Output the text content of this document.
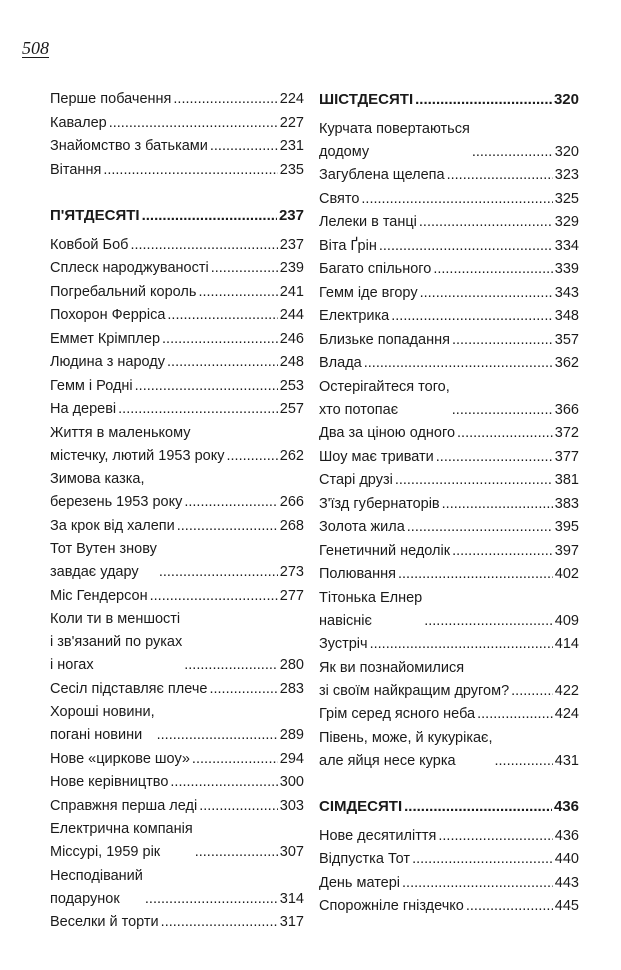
508
Перше побачення .....	224
Кавалер .....	227
Знайомство з батьками .....	231
Вітання .....	235
П'ЯТДЕСЯТІ .....	237
Ковбой Боб .....	237
Сплеск народжуваності .....	239
Погребальний король .....	241
Похорон Ферріса .....	244
Еммет Крімплер .....	246
Людина з народу .....	248
Гемм і Родні .....	253
На дереві .....	257
Життя в маленькому
містечку, лютий 1953 року .....	262
Зимова казка,
березень 1953 року .....	266
За крок від халепи .....	268
Тот Вутен знову
завдає удару .....	273
Міс Гендерсон .....	277
Коли ти в меншості
і зв'язаний по руках
і ногах .....	280
Сесіл підставляє плече .....	283
Хороші новини,
погані новини .....	289
Нове «циркове шоу» .....	294
Нове керівництво .....	300
Справжня перша леді .....	303
Електрична компанія
Міссурі, 1959 рік .....	307
Несподіваний
подарунок .....	314
Веселки й торти .....	317
ШІСТДЕСЯТІ .....	320
Курчата повертаються
додому .....	320
Загублена щелепа .....	323
Свято .....	325
Лелеки в танці .....	329
Віта Ґрін .....	334
Багато спільного .....	339
Гемм іде вгору .....	343
Електрика .....	348
Близьке попадання .....	357
Влада .....	362
Остерігайтеся того,
хто потопає .....	366
Два за ціною одного .....	372
Шоу має тривати .....	377
Старі друзі .....	381
З'їзд губернаторів .....	383
Золота жила .....	395
Генетичний недолік .....	397
Полювання .....	402
Тітонька Елнер
навісніє .....	409
Зустріч .....	414
Як ви познайомилися
зі своїм найкращим другом? .....	422
Грім серед ясного неба .....	424
Півень, може, й кукурікає,
але яйця несе курка .....	431
СІМДЕСЯТІ .....	436
Нове десятиліття .....	436
Відпустка Тот .....	440
День матері .....	443
Спорожніле гніздечко .....	445
